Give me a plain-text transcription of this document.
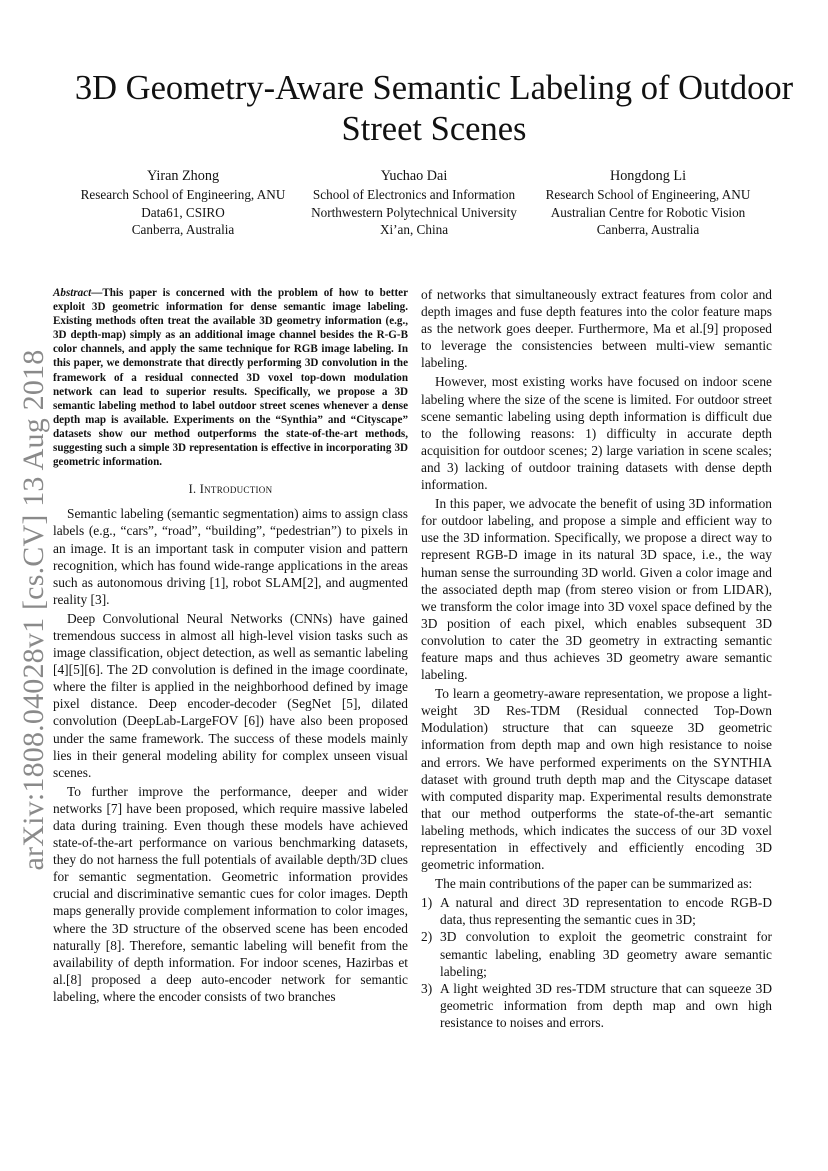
arXiv:1808.04028v1 [cs.CV] 13 Aug 2018
3D Geometry-Aware Semantic Labeling of Outdoor
Street Scenes
Yiran Zhong
Research School of Engineering, ANU
Data61, CSIRO
Canberra, Australia
Yuchao Dai
School of Electronics and Information
Northwestern Polytechnical University
Xi’an, China
Hongdong Li
Research School of Engineering, ANU
Australian Centre for Robotic Vision
Canberra, Australia

Abstract—This paper is concerned with the problem of how to better exploit 3D geometric information for dense semantic image labeling. Existing methods often treat the available 3D geometry information (e.g., 3D depth-map) simply as an additional image channel besides the R-G-B color channels, and apply the same technique for RGB image labeling. In this paper, we demonstrate that directly performing 3D convolution in the framework of a residual connected 3D voxel top-down modulation network can lead to superior results. Specifically, we propose a 3D semantic labeling method to label outdoor street scenes whenever a dense depth map is available. Experiments on the “Synthia” and “Cityscape” datasets show our method outperforms the state-of-the-art methods, suggesting such a simple 3D representation is effective in incorporating 3D geometric information.

I. Introduction

Semantic labeling (semantic segmentation) aims to assign class labels (e.g., “cars”, “road”, “building”, “pedestrian”) to pixels in an image. It is an important task in computer vision and pattern recognition, which has found wide-range applications in the areas such as autonomous driving [1], robot SLAM[2], and augmented reality [3].

Deep Convolutional Neural Networks (CNNs) have gained tremendous success in almost all high-level vision tasks such as image classification, object detection, as well as semantic labeling [4][5][6]. The 2D convolution is defined in the image coordinate, where the filter is applied in the neighborhood defined by image pixel distance. Deep encoder-decoder (SegNet [5], dilated convolution (DeepLab-LargeFOV [6]) have also been proposed under the same framework. The success of these models mainly lies in their general modeling ability for complex unseen visual scenes.

To further improve the performance, deeper and wider networks [7] have been proposed, which require massive labeled data during training. Even though these models have achieved state-of-the-art performance on various benchmarking datasets, they do not harness the full potentials of available depth/3D clues for semantic segmentation. Geometric information provides crucial and discriminative semantic cues for color images. Depth maps generally provide complement information to color images, where the 3D structure of the observed scene has been encoded naturally [8]. Therefore, semantic labeling will benefit from the availability of depth information. For indoor scenes, Hazirbas et al.[8] proposed a deep auto-encoder network for semantic labeling, where the encoder consists of two branches

of networks that simultaneously extract features from color and depth images and fuse depth features into the color feature maps as the network goes deeper. Furthermore, Ma et al.[9] proposed to leverage the consistencies between multi-view semantic labeling.

However, most existing works have focused on indoor scene labeling where the size of the scene is limited. For outdoor street scene semantic labeling using depth information is difficult due to the following reasons: 1) difficulty in accurate depth acquisition for outdoor scenes; 2) large variation in scene scales; and 3) lacking of outdoor training datasets with dense depth information.

In this paper, we advocate the benefit of using 3D information for outdoor labeling, and propose a simple and efficient way to use the 3D information. Specifically, we propose a direct way to represent RGB-D image in its natural 3D space, i.e., the way human sense the surrounding 3D world. Given a color image and the associated depth map (from stereo vision or from LIDAR), we transform the color image into 3D voxel space defined by the 3D position of each pixel, which enables subsequent 3D convolution to cater the 3D geometry in extracting semantic feature maps and thus achieves 3D geometry aware semantic labeling.

To learn a geometry-aware representation, we propose a light-weight 3D Res-TDM (Residual connected Top-Down Modulation) structure that can squeeze 3D geometric information from depth map and own high resistance to noise and errors. We have performed experiments on the SYNTHIA dataset with ground truth depth map and the Cityscape dataset with computed disparity map. Experimental results demonstrate that our method outperforms the state-of-the-art semantic labeling methods, which indicates the success of our 3D voxel representation in effectively and efficiently encoding 3D geometric information.

The main contributions of the paper can be summarized as:

1) A natural and direct 3D representation to encode RGB-D data, thus representing the semantic cues in 3D;
2) 3D convolution to exploit the geometric constraint for semantic labeling, enabling 3D geometry aware semantic labeling;
3) A light weighted 3D res-TDM structure that can squeeze 3D geometric information from depth map and own high resistance to noises and errors.
